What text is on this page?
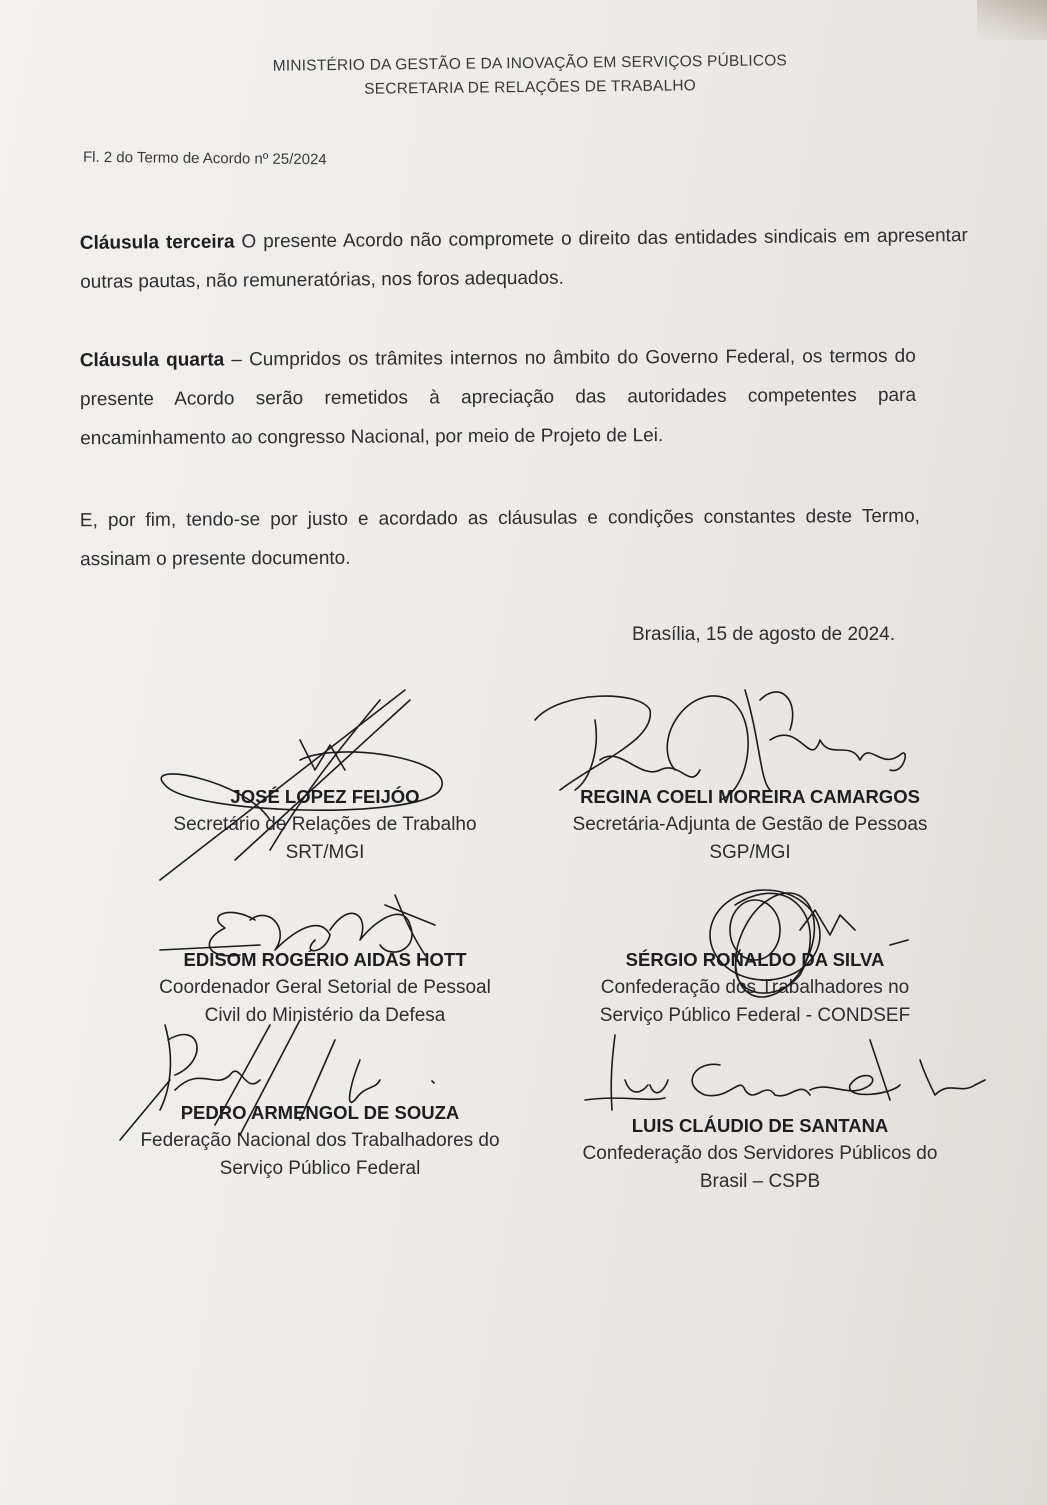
MINISTÉRIO DA GESTÃO E DA INOVAÇÃO EM SERVIÇOS PÚBLICOS
SECRETARIA DE RELAÇÕES DE TRABALHO
Fl. 2 do Termo de Acordo nº 25/2024
Cláusula terceira O presente Acordo não compromete o direito das entidades sindicais em apresentar outras pautas, não remuneratórias, nos foros adequados.
Cláusula quarta – Cumpridos os trâmites internos no âmbito do Governo Federal, os termos do presente Acordo serão remetidos à apreciação das autoridades competentes para encaminhamento ao congresso Nacional, por meio de Projeto de Lei.
E, por fim, tendo-se por justo e acordado as cláusulas e condições constantes deste Termo, assinam o presente documento.
Brasília, 15 de agosto de 2024.
JOSÉ LOPEZ FEIJÓO
Secretário de Relações de Trabalho
SRT/MGI
REGINA COELI MOREIRA CAMARGOS
Secretária-Adjunta de Gestão de Pessoas
SGP/MGI
EDISOM ROGÉRIO AIDAS HOTT
Coordenador Geral Setorial de Pessoal
Civil do Ministério da Defesa
SÉRGIO RONALDO DA SILVA
Confederação dos Trabalhadores no
Serviço Público Federal - CONDSEF
PEDRO ARMENGOL DE SOUZA
Federação Nacional dos Trabalhadores do
Serviço Público Federal
LUIS CLÁUDIO DE SANTANA
Confederação dos Servidores Públicos do
Brasil – CSPB
